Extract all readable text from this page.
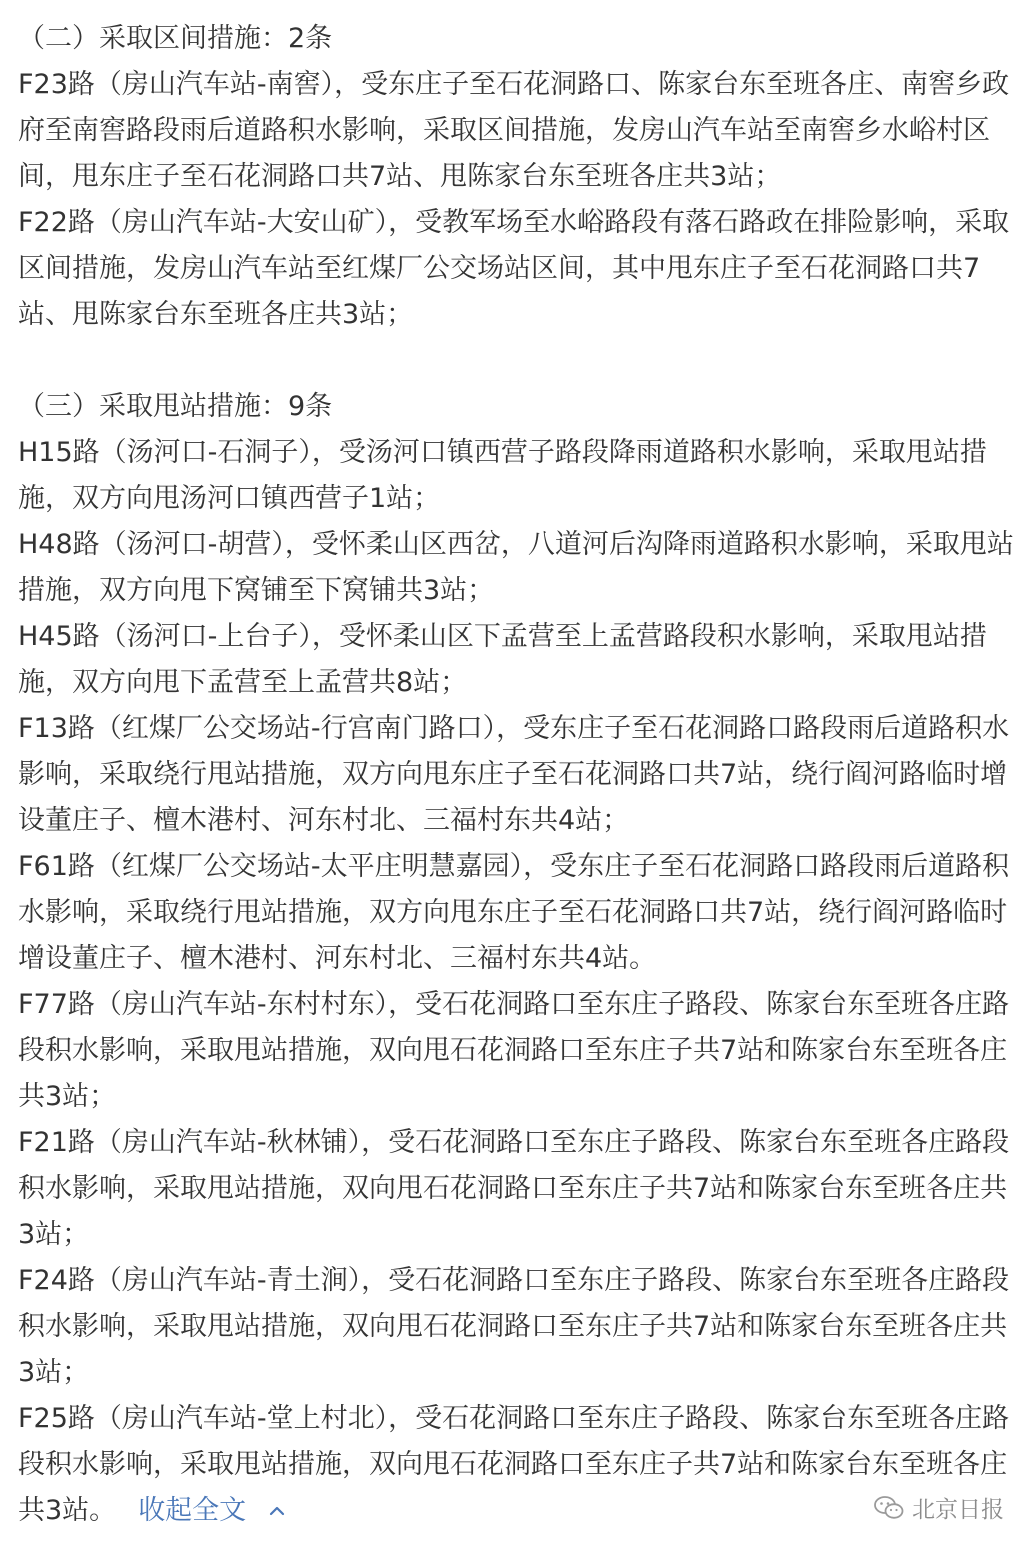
（二）采取区间措施：2条

F23路（房山汽车站-南窖），受东庄子至石花洞路口、陈家台东至班各庄、南窖乡政府至南窖路段雨后道路积水影响，采取区间措施，发房山汽车站至南窖乡水峪村区间，甩东庄子至石花洞路口共7站、甩陈家台东至班各庄共3站；

F22路（房山汽车站-大安山矿），受教军场至水峪路段有落石路政在排险影响，采取区间措施，发房山汽车站至红煤厂公交场站区间，其中甩东庄子至石花洞路口共7站、甩陈家台东至班各庄共3站；

（三）采取甩站措施：9条

H15路（汤河口-石洞子），受汤河口镇西营子路段降雨道路积水影响，采取甩站措施，双方向甩汤河口镇西营子1站；

H48路（汤河口-胡营），受怀柔山区西岔，八道河后沟降雨道路积水影响，采取甩站措施，双方向甩下窝铺至下窝铺共3站；

H45路（汤河口-上台子），受怀柔山区下孟营至上孟营路段积水影响，采取甩站措施，双方向甩下孟营至上孟营共8站；

F13路（红煤厂公交场站-行宫南门路口），受东庄子至石花洞路口路段雨后道路积水影响，采取绕行甩站措施，双方向甩东庄子至石花洞路口共7站，绕行阎河路临时增设董庄子、檀木港村、河东村北、三福村东共4站；

F61路（红煤厂公交场站-太平庄明慧嘉园），受东庄子至石花洞路口路段雨后道路积水影响，采取绕行甩站措施，双方向甩东庄子至石花洞路口共7站，绕行阎河路临时增设董庄子、檀木港村、河东村北、三福村东共4站。

F77路（房山汽车站-东村村东），受石花洞路口至东庄子路段、陈家台东至班各庄路段积水影响，采取甩站措施，双向甩石花洞路口至东庄子共7站和陈家台东至班各庄共3站；

F21路（房山汽车站-秋林铺），受石花洞路口至东庄子路段、陈家台东至班各庄路段积水影响，采取甩站措施，双向甩石花洞路口至东庄子共7站和陈家台东至班各庄共3站；

F24路（房山汽车站-青土涧），受石花洞路口至东庄子路段、陈家台东至班各庄路段积水影响，采取甩站措施，双向甩石花洞路口至东庄子共7站和陈家台东至班各庄共3站；

F25路（房山汽车站-堂上村北），受石花洞路口至东庄子路段、陈家台东至班各庄路段积水影响，采取甩站措施，双向甩石花洞路口至东庄子共7站和陈家台东至班各庄共3站。 收起全文	北京日报
